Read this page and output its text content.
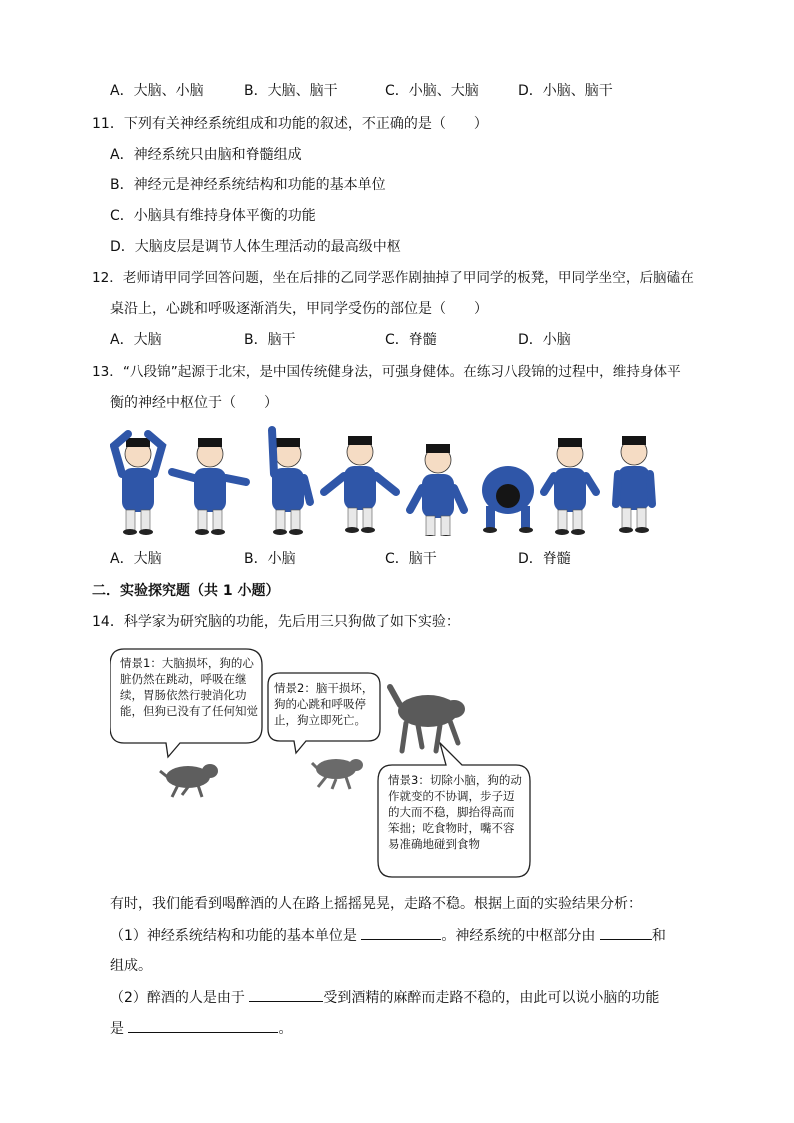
A．大脑、小脑	B．大脑、脑干	C．小脑、大脑	D．小脑、脑干
11．下列有关神经系统组成和功能的叙述，不正确的是（　　）
A．神经系统只由脑和脊髓组成
B．神经元是神经系统结构和功能的基本单位
C．小脑具有维持身体平衡的功能
D．大脑皮层是调节人体生理活动的最高级中枢
12．老师请甲同学回答问题，坐在后排的乙同学恶作剧抽掉了甲同学的板凳，甲同学坐空，后脑磕在
桌沿上，心跳和呼吸逐渐消失，甲同学受伤的部位是（　　）
A．大脑	B．脑干	C．脊髓	D．小脑
13．“八段锦”起源于北宋，是中国传统健身法，可强身健体。在练习八段锦的过程中，维持身体平
衡的神经中枢位于（　　）
A．大脑	B．小脑	C．脑干	D．脊髓
二．实验探究题（共 1 小题）
14．科学家为研究脑的功能，先后用三只狗做了如下实验：
情景1：大脑损坏，狗的心脏仍然在跳动，呼吸在继续，胃肠依然行驶消化功能，但狗已没有了任何知觉
情景2：脑干损坏，狗的心跳和呼吸停止，狗立即死亡。
情景3：切除小脑，狗的动作就变的不协调，步子迈的大而不稳，脚抬得高而笨拙；吃食物时，嘴不容易准确地碰到食物
有时，我们能看到喝醉酒的人在路上摇摇晃晃，走路不稳。根据上面的实验结果分析：
（1）神经系统结构和功能的基本单位是	。神经系统的中枢部分由	和
组成。
（2）醉酒的人是由于	受到酒精的麻醉而走路不稳的，由此可以说小脑的功能
是	。
